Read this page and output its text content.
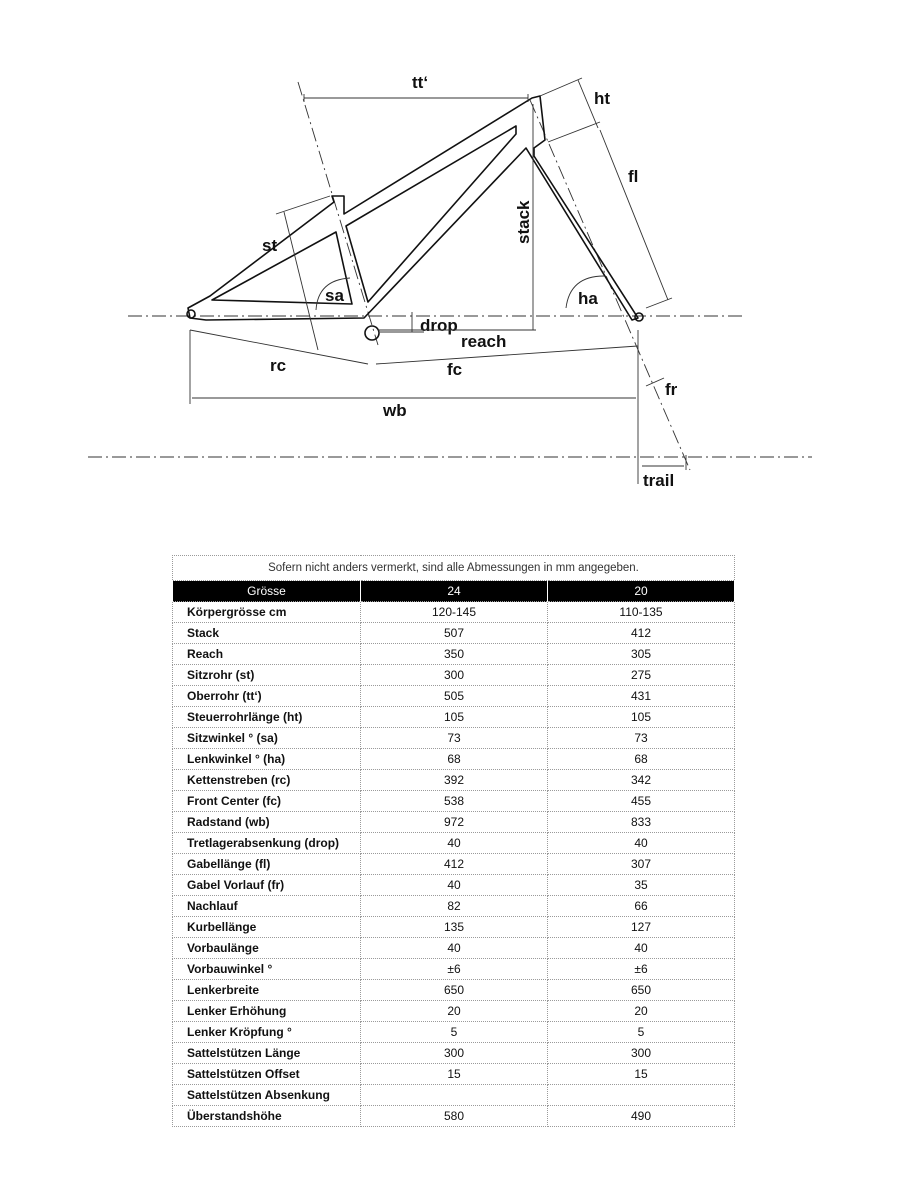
tt‘
ht
fl
stack
st
sa	ha
drop
reach
rc	fc
fr
wb
trail
Sofern nicht anders vermerkt, sind alle Abmessungen in mm angegeben.		
Grösse	24	20
Körpergrösse cm	120-145	110-135
Stack	507	412
Reach	350	305
Sitzrohr (st)	300	275
Oberrohr (tt‘)	505	431
Steuerrohrlänge (ht)	105	105
Sitzwinkel ° (sa)	73	73
Lenkwinkel ° (ha)	68	68
Kettenstreben (rc)	392	342
Front Center (fc)	538	455
Radstand (wb)	972	833
Tretlagerabsenkung (drop)	40	40
Gabellänge (fl)	412	307
Gabel Vorlauf (fr)	40	35
Nachlauf	82	66
Kurbellänge	135	127
Vorbaulänge	40	40
Vorbauwinkel °	±6	±6
Lenkerbreite	650	650
Lenker Erhöhung	20	20
Lenker Kröpfung °	5	5
Sattelstützen Länge	300	300
Sattelstützen Offset	15	15
Sattelstützen Absenkung		
Überstandshöhe	580	490
